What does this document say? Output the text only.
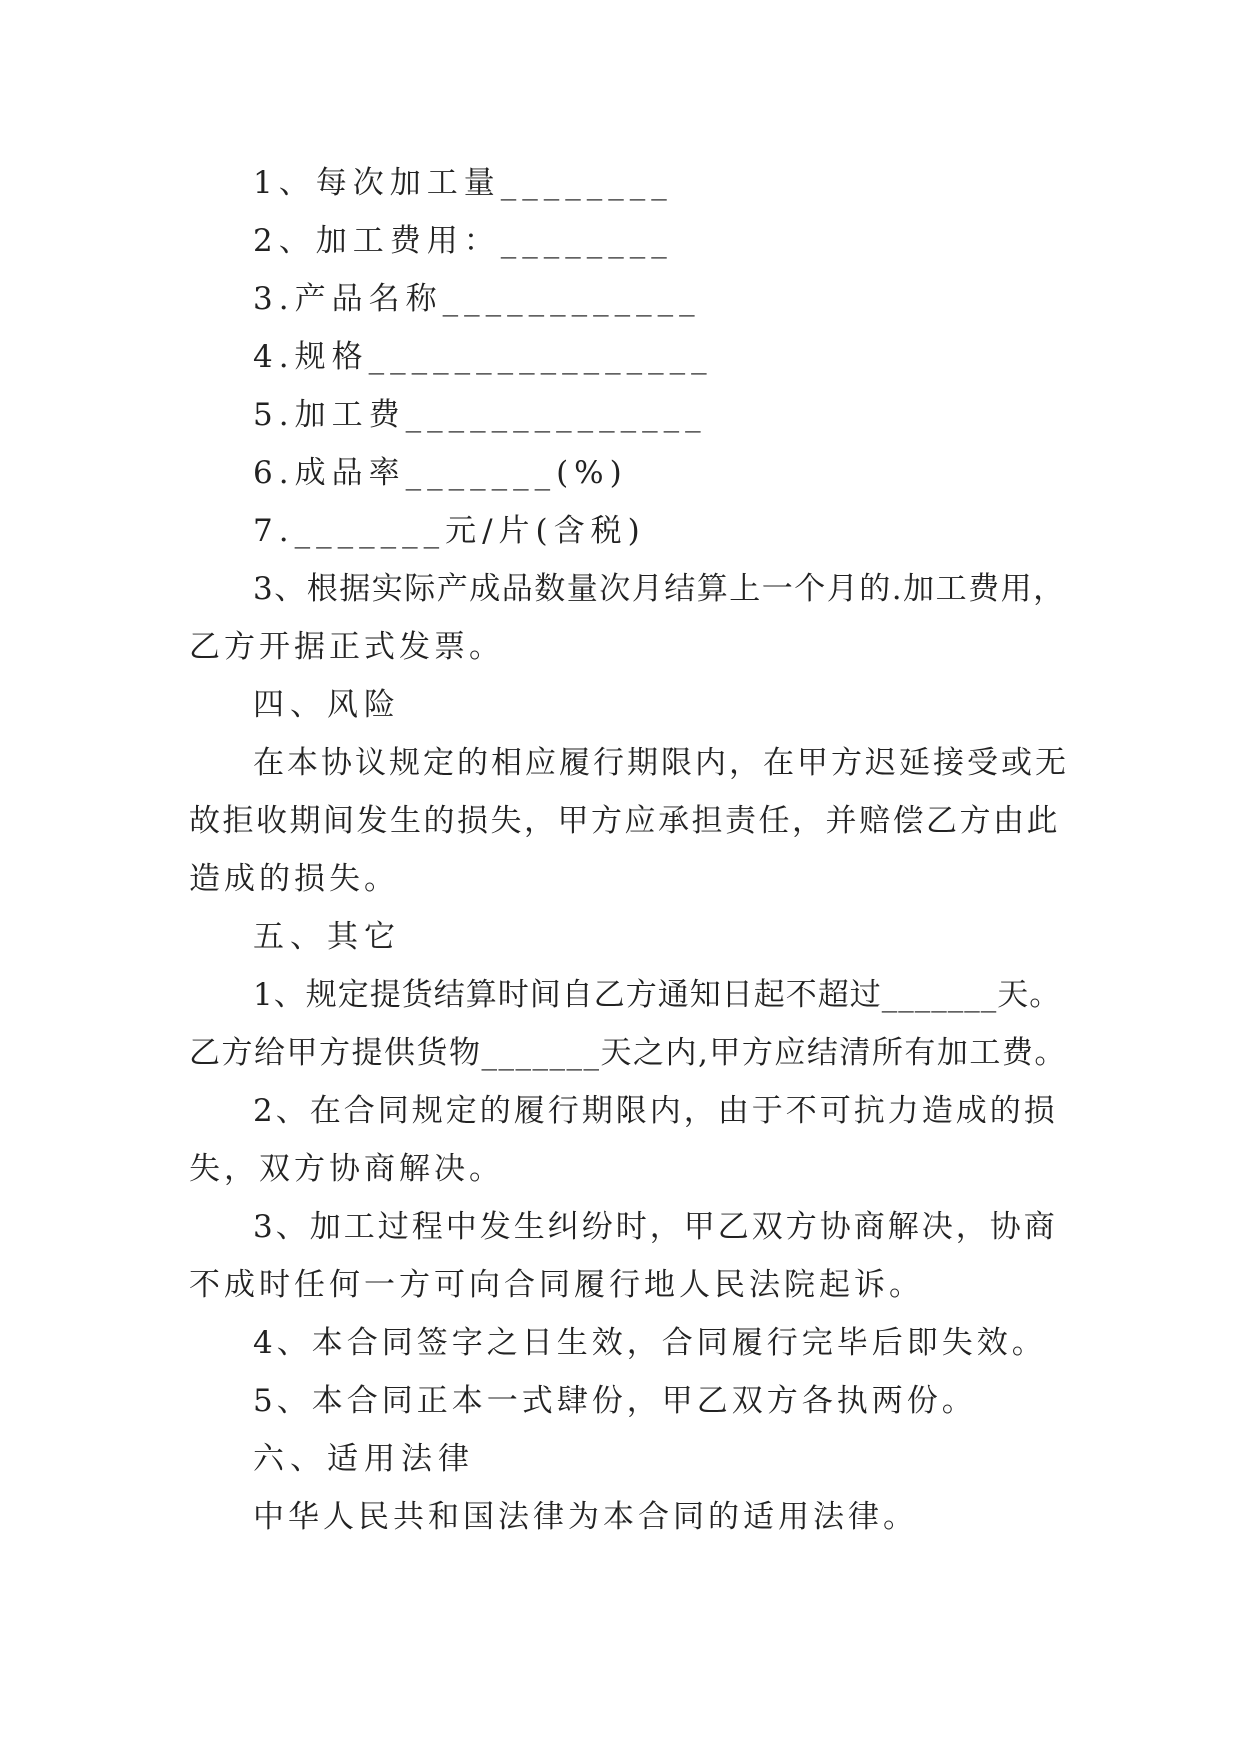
1、每次加工量________
2、加工费用：________
3.产品名称____________
4.规格________________
5.加工费______________
6.成品率_______(%)
7._______元/片(含税)
3、根据实际产成品数量次月结算上一个月的.加工费用，
乙方开据正式发票。
四、风险
在本协议规定的相应履行期限内，在甲方迟延接受或无
故拒收期间发生的损失，甲方应承担责任，并赔偿乙方由此
造成的损失。
五、其它
1、规定提货结算时间自乙方通知日起不超过_______天。
乙方给甲方提供货物_______天之内,甲方应结清所有加工费。
2、在合同规定的履行期限内，由于不可抗力造成的损
失，双方协商解决。
3、加工过程中发生纠纷时，甲乙双方协商解决，协商
不成时任何一方可向合同履行地人民法院起诉。
4、本合同签字之日生效，合同履行完毕后即失效。
5、本合同正本一式肆份，甲乙双方各执两份。
六、适用法律
中华人民共和国法律为本合同的适用法律。
